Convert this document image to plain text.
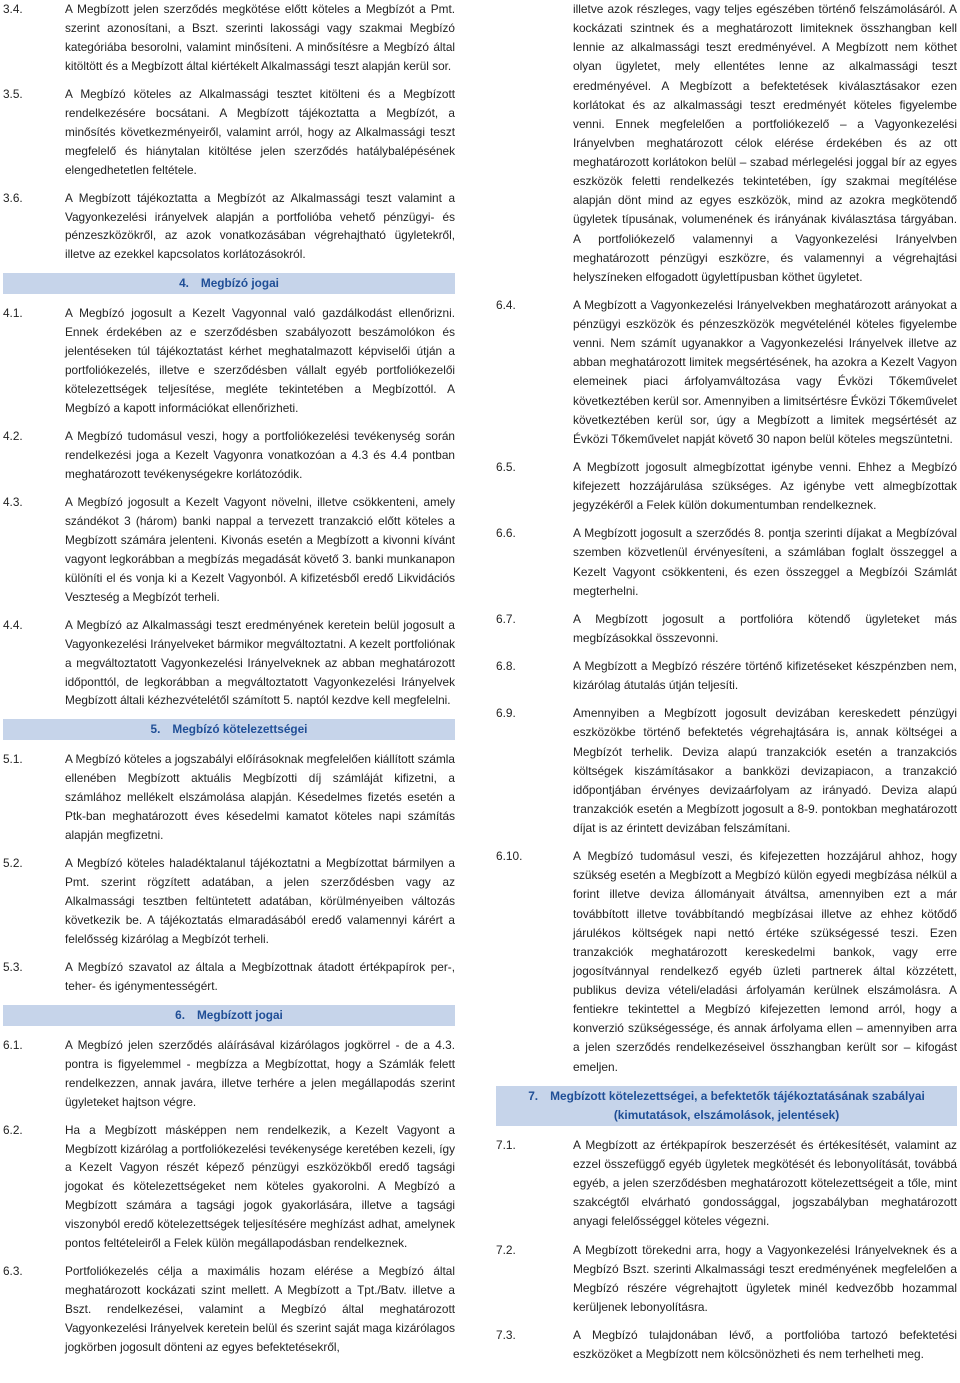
3.4.	A Megbízott jelen szerződés megkötése előtt köteles a Megbízót a Pmt. szerint azonosítani, a Bszt. szerinti lakossági vagy szakmai Megbízó kategóriába besorolni, valamint minősíteni. A minősítésre a Megbízó által kitöltött és a Megbízott által kiértékelt Alkalmassági teszt alapján kerül sor.

3.5.	A Megbízó köteles az Alkalmassági tesztet kitölteni és a Megbízott rendelkezésére bocsátani. A Megbízott tájékoztatta a Megbízót, a minősítés következményeiről, valamint arról, hogy az Alkalmassági teszt megfelelő és hiánytalan kitöltése jelen szerződés hatálybalépésének elengedhetetlen feltétele.

3.6.	A Megbízott tájékoztatta a Megbízót az Alkalmassági teszt valamint a Vagyonkezelési irányelvek alapján a portfolióba vehető pénzügyi- és pénzeszközökről, az azok vonatkozásában végrehajtható ügyletekről, illetve az ezekkel kapcsolatos korlátozásokról.

4. Megbízó jogai
4.1.	A Megbízó jogosult a Kezelt Vagyonnal való gazdálkodást ellenőrizni. Ennek érdekében az e szerződésben szabályozott beszámolókon és jelentéseken túl tájékoztatást kérhet meghatalmazott képviselői útján a portfoliókezelés, illetve e szerződésben vállalt egyéb portfoliókezelői kötelezettségek teljesítése, megléte tekintetében a Megbízottól. A Megbízó a kapott információkat ellenőrizheti.

4.2.	A Megbízó tudomásul veszi, hogy a portfoliókezelési tevékenység során rendelkezési joga a Kezelt Vagyonra vonatkozóan a 4.3 és 4.4 pontban meghatározott tevékenységekre korlátozódik.

4.3.	A Megbízó jogosult a Kezelt Vagyont növelni, illetve csökkenteni, amely szándékot 3 (három) banki nappal a tervezett tranzakció előtt köteles a Megbízott számára jelenteni. Kivonás esetén a Megbízott a kivonni kívánt vagyont legkorábban a megbízás megadását követő 3. banki munkanapon különíti el és vonja ki a Kezelt Vagyonból. A kifizetésből eredő Likvidációs Veszteség a Megbízót terheli.

4.4.	A Megbízó az Alkalmassági teszt eredményének keretein belül jogosult a Vagyonkezelési Irányelveket bármikor megváltoztatni. A kezelt portfoliónak a megváltoztatott Vagyonkezelési Irányelveknek az abban meghatározott időponttól, de legkorábban a megváltoztatott Vagyonkezelési Irányelvek Megbízott általi kézhezvételétől számított 5. naptól kezdve kell megfelelni.

5. Megbízó kötelezettségei
5.1.	A Megbízó köteles a jogszabályi előírásoknak megfelelően kiállított számla ellenében Megbízott aktuális Megbízotti díj számláját kifizetni, a számlához mellékelt elszámolása alapján. Késedelmes fizetés esetén a Ptk-ban meghatározott éves késedelmi kamatot köteles napi számítás alapján megfizetni.

5.2.	A Megbízó köteles haladéktalanul tájékoztatni a Megbízottat bármilyen a Pmt. szerint rögzített adatában, a jelen szerződésben vagy az Alkalmassági tesztben feltüntetett adatában, körülményeiben változás következik be. A tájékoztatás elmaradásából eredő valamennyi kárért a felelősség kizárólag a Megbízót terheli.

5.3.	A Megbízó szavatol az általa a Megbízottnak átadott értékpapírok per-, teher- és igénymentességért.

6. Megbízott jogai
6.1.	A Megbízó jelen szerződés aláírásával kizárólagos jogkörrel - de a 4.3. pontra is figyelemmel - megbízza a Megbízottat, hogy a Számlák felett rendelkezzen, annak javára, illetve terhére a jelen megállapodás szerint ügyleteket hajtson végre.

6.2.	Ha a Megbízott másképpen nem rendelkezik, a Kezelt Vagyont a Megbízott kizárólag a portfoliókezelési tevékenysége keretében kezeli, így a Kezelt Vagyon részét képező pénzügyi eszközökből eredő tagsági jogokat és kötelezettségeket nem köteles gyakorolni. A Megbízó a Megbízott számára a tagsági jogok gyakorlására, illetve a tagsági viszonyból eredő kötelezettségek teljesítésére meghízást adhat, amelynek pontos feltételeiről a Felek külön megállapodásban rendelkeznek.

6.3.	Portfoliókezelés célja a maximális hozam elérése a Megbízó által meghatározott kockázati szint mellett. A Megbízott a Tpt./Batv. illetve a Bszt. rendelkezései, valamint a Megbízó által meghatározott Vagyonkezelési Irányelvek keretein belül és szerint saját maga kizárólagos jogkörben jogosult dönteni az egyes befektetésekről,

illetve azok részleges, vagy teljes egészében történő felszámolásáról. A kockázati szintnek és a meghatározott limiteknek összhangban kell lennie az alkalmassági teszt eredményével. A Megbízott nem köthet olyan ügyletet, mely ellentétes lenne az alkalmassági teszt eredményével. A Megbízott a befektetések kiválasztásakor ezen korlátokat és az alkalmassági teszt eredményét köteles figyelembe venni. Ennek megfelelően a portfoliókezelő – a Vagyonkezelési Irányelvben meghatározott célok elérése érdekében és az ott meghatározott korlátokon belül – szabad mérlegelési joggal bír az egyes eszközök feletti rendelkezés tekintetében, így szakmai megítélése alapján dönt mind az egyes eszközök, mind az azokra megkötendő ügyletek típusának, volumenének és irányának kiválasztása tárgyában. A portfoliókezelő valamennyi a Vagyonkezelési Irányelvben meghatározott pénzügyi eszközre, és valamennyi a végrehajtási helyszíneken elfogadott ügylettípusban köthet ügyletet.

6.4.	A Megbízott a Vagyonkezelési Irányelvekben meghatározott arányokat a pénzügyi eszközök és pénzeszközök megvételénél köteles figyelembe venni. Nem számít ugyanakkor a Vagyonkezelési Irányelvek illetve az abban meghatározott limitek megsértésének, ha azokra a Kezelt Vagyon elemeinek piaci árfolyamváltozása vagy Évközi Tőkeművelet következtében kerül sor. Amennyiben a limitsértésre Évközi Tőkeművelet következtében kerül sor, úgy a Megbízott a limitek megsértését az Évközi Tőkeművelet napját követő 30 napon belül köteles megszüntetni.

6.5.	A Megbízott jogosult almegbízottat igénybe venni. Ehhez a Megbízó kifejezett hozzájárulása szükséges. Az igénybe vett almegbízottak jegyzékéről a Felek külön dokumentumban rendelkeznek.

6.6.	A Megbízott jogosult a szerződés 8. pontja szerinti díjakat a Megbízóval szemben közvetlenül érvényesíteni, a számlában foglalt összeggel a Kezelt Vagyont csökkenteni, és ezen összeggel a Megbízói Számlát megterhelni.

6.7.	A Megbízott jogosult a portfolióra kötendő ügyleteket más megbízásokkal összevonni.

6.8.	A Megbízott a Megbízó részére történő kifizetéseket készpénzben nem, kizárólag átutalás útján teljesíti.

6.9.	Amennyiben a Megbízott jogosult devizában kereskedett pénzügyi eszközökbe történő befektetés végrehajtására is, annak költségei a Megbízót terhelik. Deviza alapú tranzakciók esetén a tranzakciós költségek kiszámításakor a bankközi devizapiacon, a tranzakció időpontjában érvényes devizaárfolyam az irányadó. Deviza alapú tranzakciók esetén a Megbízott jogosult a 8-9. pontokban meghatározott díjat is az érintett devizában felszámítani.

6.10.	A Megbízó tudomásul veszi, és kifejezetten hozzájárul ahhoz, hogy szükség esetén a Megbízott a Megbízó külön egyedi megbízása nélkül a forint illetve deviza állományait átváltsa, amennyiben ezt a már továbbított illetve továbbítandó megbízásai illetve az ehhez kötődő járulékos költségek napi nettó értéke szükségessé teszi. Ezen tranzakciók meghatározott kereskedelmi bankok, vagy erre jogosítvánnyal rendelkező egyéb üzleti partnerek által közzétett, publikus deviza vételi/eladási árfolyamán kerülnek elszámolásra. A fentiekre tekintettel a Megbízó kifejezetten lemond arról, hogy a konverzió szükségessége, és annak árfolyama ellen – amennyiben arra a jelen szerződés rendelkezéseivel összhangban került sor – kifogást emeljen.

7. Megbízott kötelezettségei, a befektetők tájékoztatásának szabályai
(kimutatások, elszámolások, jelentések)
7.1.	A Megbízott az értékpapírok beszerzését és értékesítését, valamint az ezzel összefüggő egyéb ügyletek megkötését és lebonyolítását, továbbá egyéb, a jelen szerződésben meghatározott kötelezettségeit a tőle, mint szakcégtől elvárható gondossággal, jogszabályban meghatározott anyagi felelősséggel köteles végezni.

7.2.	A Megbízott törekedni arra, hogy a Vagyonkezelési Irányelveknek és a Megbízó Bszt. szerinti Alkalmassági teszt eredményének megfelelően a Megbízó részére végrehajtott ügyletek minél kedvezőbb hozammal kerüljenek lebonyolításra.

7.3.	A Megbízó tulajdonában lévő, a portfolióba tartozó befektetési eszközöket a Megbízott nem kölcsönözheti és nem terhelheti meg.
